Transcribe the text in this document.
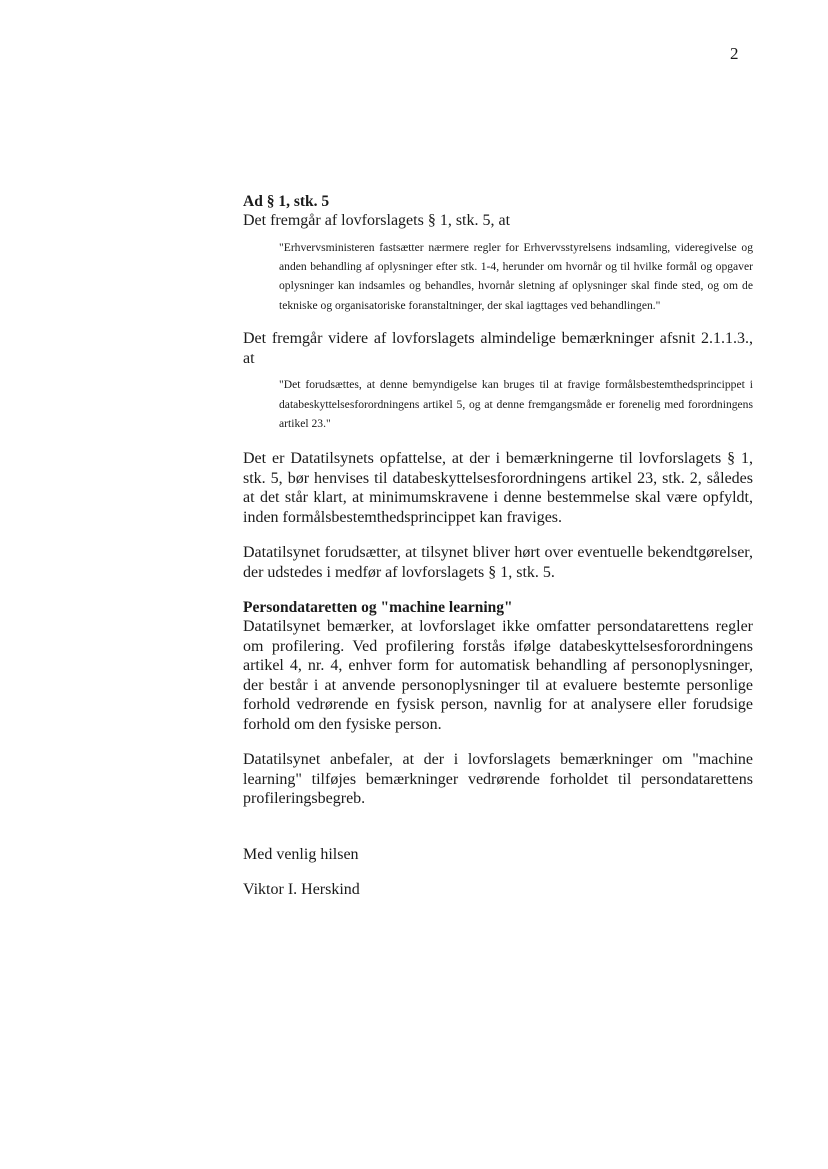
2

Ad § 1, stk. 5

Det fremgår af lovforslagets § 1, stk. 5, at

"Erhvervsministeren fastsætter nærmere regler for Erhvervsstyrelsens indsamling, videregivelse og anden behandling af oplysninger efter stk. 1-4, herunder om hvornår og til hvilke formål og opgaver oplysninger kan indsamles og behandles, hvornår sletning af oplysninger skal finde sted, og om de tekniske og organisatoriske foranstaltninger, der skal iagttages ved behandlingen."

Det fremgår videre af lovforslagets almindelige bemærkninger afsnit 2.1.1.3., at

"Det forudsættes, at denne bemyndigelse kan bruges til at fravige formålsbestemthedsprincippet i databeskyttelsesforordningens artikel 5, og at denne fremgangsmåde er forenelig med forordningens artikel 23."

Det er Datatilsynets opfattelse, at der i bemærkningerne til lovforslagets § 1, stk. 5, bør henvises til databeskyttelsesforordningens artikel 23, stk. 2, således at det står klart, at minimumskravene i denne bestemmelse skal være opfyldt, inden formålsbestemthedsprincippet kan fraviges.

Datatilsynet forudsætter, at tilsynet bliver hørt over eventuelle bekendtgørelser, der udstedes i medfør af lovforslagets § 1, stk. 5.

Persondataretten og "machine learning"

Datatilsynet bemærker, at lovforslaget ikke omfatter persondatarettens regler om profilering. Ved profilering forstås ifølge databeskyttelsesforordningens artikel 4, nr. 4, enhver form for automatisk behandling af personoplysninger, der består i at anvende personoplysninger til at evaluere bestemte personlige forhold vedrørende en fysisk person, navnlig for at analysere eller forudsige forhold om den fysiske person.

Datatilsynet anbefaler, at der i lovforslagets bemærkninger om "machine learning" tilføjes bemærkninger vedrørende forholdet til persondatarettens profileringsbegreb.

Med venlig hilsen

Viktor I. Herskind
